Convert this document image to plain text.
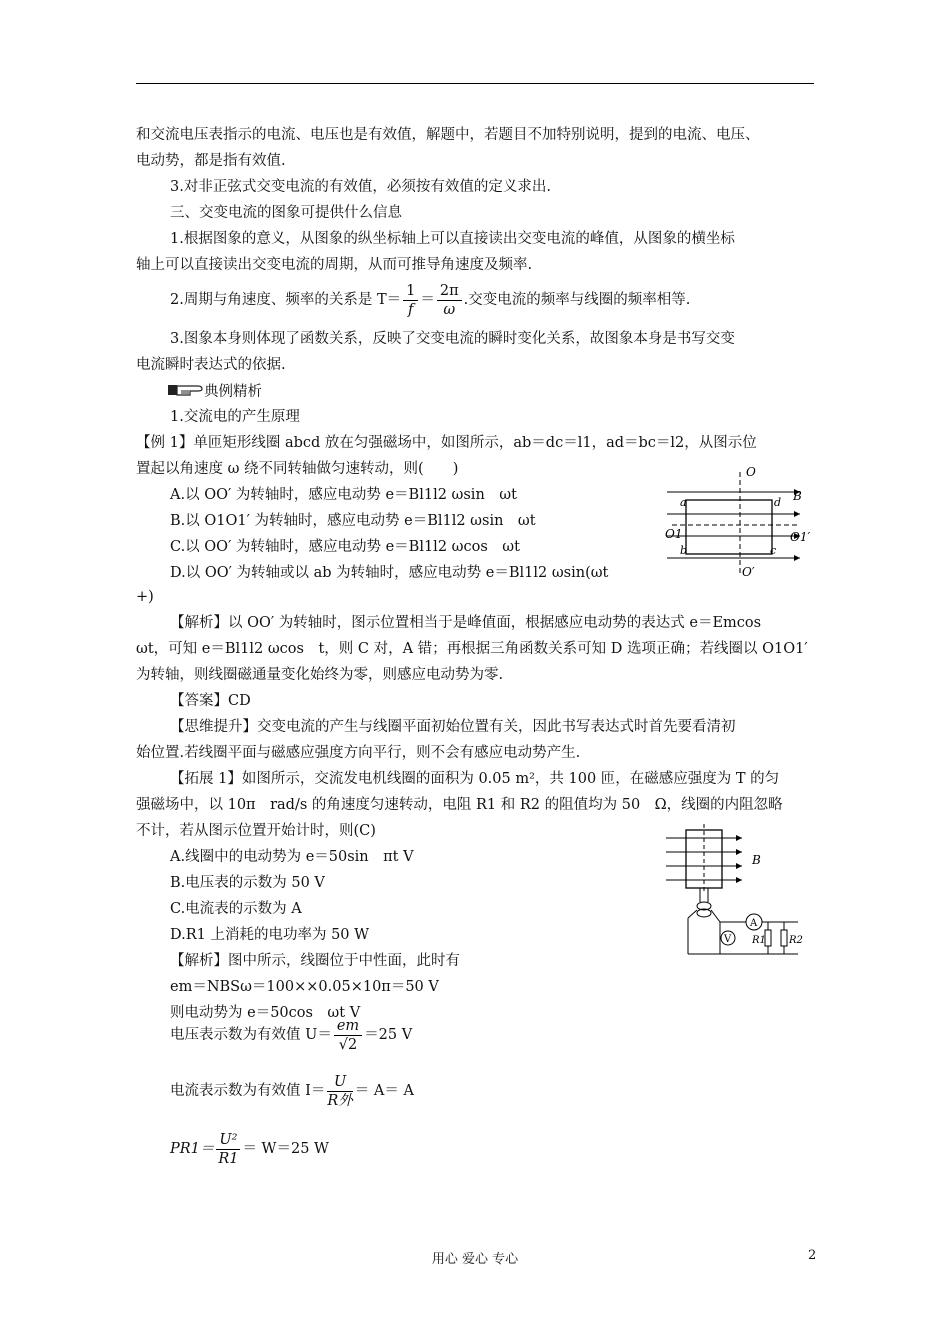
和交流电压表指示的电流、电压也是有效值，解题中，若题目不加特别说明，提到的电流、电压、
电动势，都是指有效值.
3.对非正弦式交变电流的有效值，必须按有效值的定义求出.
三、交变电流的图象可提供什么信息
1.根据图象的意义，从图象的纵坐标轴上可以直接读出交变电流的峰值，从图象的横坐标
轴上可以直接读出交变电流的周期，从而可推导角速度及频率.
2.周期与角速度、频率的关系是 $T= \frac{1}{f} = \frac{2\pi}{\omega}$ .交变电流的频率与线圈的频率相等.
3.图象本身则体现了函数关系，反映了交变电流的瞬时变化关系，故图象本身是书写交变
电流瞬时表达式的依据.
典例精析
1.交流电的产生原理
【例 1】单匝矩形线圈 abcd 放在匀强磁场中，如图所示，ab＝dc＝l1，ad＝bc＝l2，从图示位
置起以角速度 ω 绕不同转轴做匀速转动，则(　　)
A.以 OO′ 为转轴时，感应电动势 e＝Bl1l2 ωsin　ωt
B.以 O1O1′ 为转轴时，感应电动势 e＝Bl1l2 ωsin　ωt
C.以 OO′ 为转轴时，感应电动势 e＝Bl1l2 ωcos　ωt
D.以 OO′ 为转轴或以 ab 为转轴时，感应电动势 e＝Bl1l2 ωsin(ωt
+)
O
O′
O1	O1′
a
b	c
d B
【解析】以 OO′ 为转轴时，图示位置相当于是峰值面，根据感应电动势的表达式 e＝Emcos
ωt，可知 e＝Bl1l2 ωcos　t，则 C 对，A 错；再根据三角函数关系可知 D 选项正确；若线圈以 O1O1′
为转轴，则线圈磁通量变化始终为零，则感应电动势为零.
【答案】CD
【思维提升】交变电流的产生与线圈平面初始位置有关，因此书写表达式时首先要看清初
始位置.若线圈平面与磁感应强度方向平行，则不会有感应电动势产生.
【拓展 1】如图所示，交流发电机线圈的面积为 0.05 m²，共 100 匝，在磁感应强度为 T 的匀
强磁场中，以 10π　rad/s 的角速度匀速转动，电阻 R1 和 R2 的阻值均为 50　Ω，线圈的内阻忽略
不计，若从图示位置开始计时，则(C)
A.线圈中的电动势为 e＝50sin　πt V
B.电压表的示数为 50 V
C.电流表的示数为 A
D.R1 上消耗的电功率为 50 W
【解析】图中所示，线圈位于中性面，此时有
em＝NBSω＝100××0.05×10π＝50 V
则电动势为 e＝50cos　ωt V
B
A
V R1 R2
电压表示数为有效值 $U= \frac{em}{√2} =25$ V
电流表示数为有效值 $I= \frac{U}{\text{R外}} = A= A$
$PR1= \frac{\text{U²}}{R1} = W=25$ W
用心 爱心 专心	2
